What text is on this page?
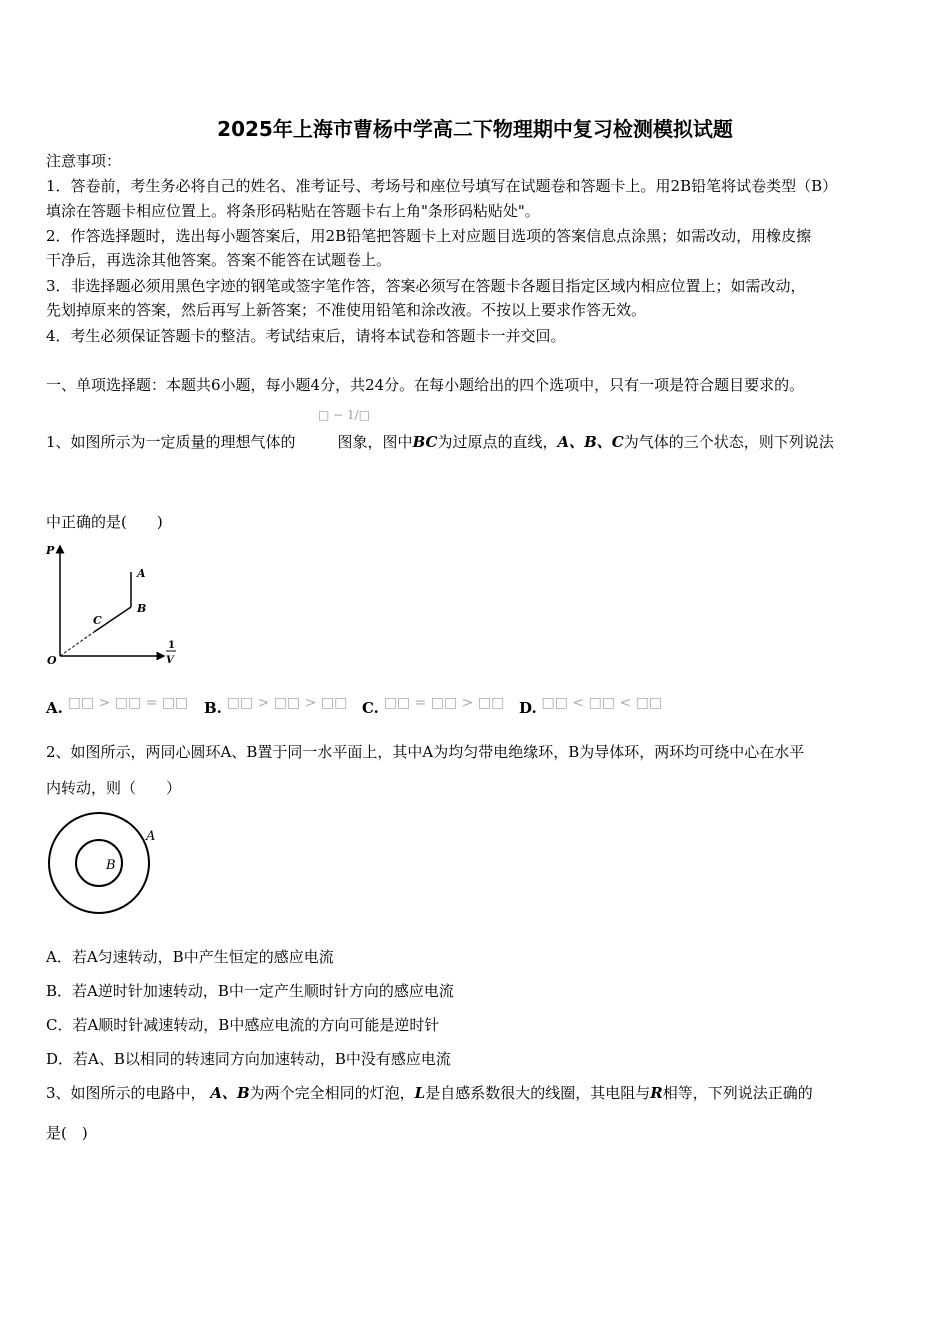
2025年上海市曹杨中学高二下物理期中复习检测模拟试题
注意事项：
1．答卷前，考生务必将自己的姓名、准考证号、考场号和座位号填写在试题卷和答题卡上。用2B铅笔将试卷类型（B）
填涂在答题卡相应位置上。将条形码粘贴在答题卡右上角"条形码粘贴处"。
2．作答选择题时，选出每小题答案后，用2B铅笔把答题卡上对应题目选项的答案信息点涂黑；如需改动，用橡皮擦
干净后，再选涂其他答案。答案不能答在试题卷上。
3．非选择题必须用黑色字迹的钢笔或签字笔作答，答案必须写在答题卡各题目指定区域内相应位置上；如需改动，
先划掉原来的答案，然后再写上新答案；不准使用铅笔和涂改液。不按以上要求作答无效。
4．考生必须保证答题卡的整洁。考试结束后，请将本试卷和答题卡一并交回。
一、单项选择题：本题共6小题，每小题4分，共24分。在每小题给出的四个选项中，只有一项是符合题目要求的。
□ − 1/□
1、如图所示为一定质量的理想气体的	图象，图中BC为过原点的直线，A、B、C为气体的三个状态，则下列说法
中正确的是(　　)
P
O
A
B
C
1
V
A. □□ > □□ = □□ B. □□ > □□ > □□ C. □□ = □□ > □□ D. □□ < □□ < □□
2、如图所示，两同心圆环A、B置于同一水平面上，其中A为均匀带电绝缘环，B为导体环，两环均可绕中心在水平
内转动，则（　　）
A
B
A．若A匀速转动，B中产生恒定的感应电流
B．若A逆时针加速转动，B中一定产生顺时针方向的感应电流
C．若A顺时针减速转动，B中感应电流的方向可能是逆时针
D．若A、B以相同的转速同方向加速转动，B中没有感应电流
3、如图所示的电路中， A、B为两个完全相同的灯泡，L是自感系数很大的线圈，其电阻与R相等，下列说法正确的
是(　)
